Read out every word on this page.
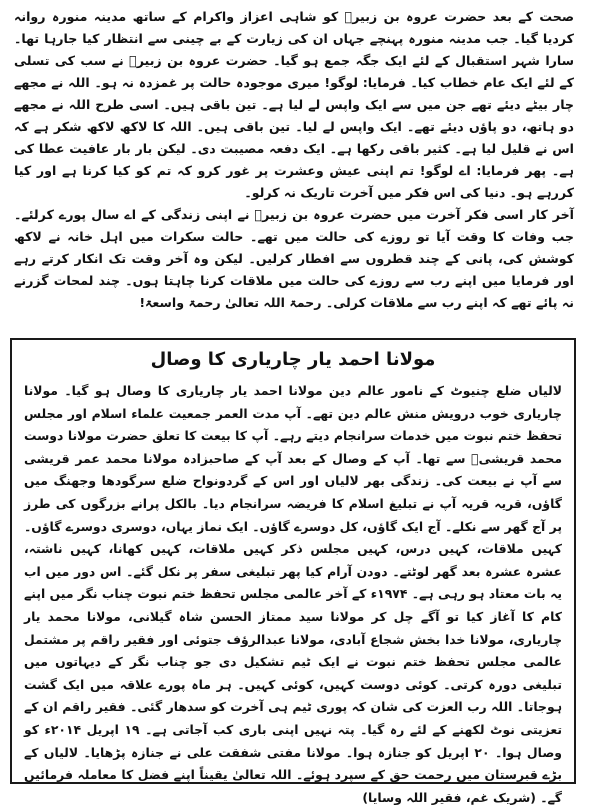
صحت کے بعد حضرت عروہ بن زبیرؓ کو شاہی اعزاز واکرام کے ساتھ مدینہ منورہ روانہ کردیا گیا۔ جب مدینہ منورہ پہنچے جہاں ان کی زیارت کے بے چینی سے انتظار کیا جارہا تھا۔ سارا شہر استقبال کے لئے ایک جگہ جمع ہو گیا۔ حضرت عروہ بن زبیرؓ نے سب کی تسلی کے لئے ایک عام خطاب کیا۔ فرمایا: لوگو! میری موجودہ حالت پر غمزدہ نہ ہو۔ اللہ نے مجھے چار بیٹے دیئے تھے جن میں سے ایک واپس لے لیا ہے۔ تین باقی ہیں۔ اسی طرح اللہ نے مجھے دو ہاتھ، دو پاؤں دیئے تھے۔ ایک واپس لے لیا۔ تین باقی ہیں۔ اللہ کا لاکھ لاکھ شکر ہے کہ اس نے قلیل لیا ہے۔ کثیر باقی رکھا ہے۔ ایک دفعہ مصیبت دی۔ لیکن بار بار عافیت عطا کی ہے۔ پھر فرمایا: اے لوگو! تم اپنی عیش وعشرت پر غور کرو کہ تم کو کیا کرنا ہے اور کیا کررہے ہو۔ دنیا کی اس فکر میں آخرت تاریک نہ کرلو۔

آخر کار اسی فکر آخرت میں حضرت عروہ بن زبیرؓ نے اپنی زندگی کے اے سال پورے کرلئے۔ جب وفات کا وقت آیا تو روزے کی حالت میں تھے۔ حالت سکرات میں اہل خانہ نے لاکھ کوشش کی، پانی کے چند قطروں سے افطار کرلیں۔ لیکن وہ آخر وقت تک انکار کرتے رہے اور فرمایا میں اپنے رب سے روزے کی حالت میں ملاقات کرنا چاہتا ہوں۔ چند لمحات گزرنے نہ پائے تھے کہ اپنے رب سے ملاقات کرلی۔ رحمۃ اللہ تعالیٰ رحمۃ واسعۃ!

مولانا احمد یار چاریاری کا وصال

لالیاں ضلع چنیوٹ کے نامور عالم دین مولانا احمد یار چاریاری کا وصال ہو گیا۔ مولانا چاریاری خوب درویش منش عالم دین تھے۔ آپ مدت العمر جمعیت علماء اسلام اور مجلس تحفظ ختم نبوت میں خدمات سرانجام دیتے رہے۔ آپ کا بیعت کا تعلق حضرت مولانا دوست محمد قریشیؒ سے تھا۔ آپ کے وصال کے بعد آپ کے صاحبزادہ مولانا محمد عمر قریشی سے آپ نے بیعت کی۔ زندگی بھر لالیاں اور اس کے گردونواح ضلع سرگودھا وجھنگ میں گاؤں، قریہ قریہ آپ نے تبلیغ اسلام کا فریضہ سرانجام دیا۔ بالکل پرانے بزرگوں کی طرز پر آج گھر سے نکلے۔ آج ایک گاؤں، کل دوسرے گاؤں۔ ایک نماز یہاں، دوسری دوسرے گاؤں۔ کہیں ملاقات، کہیں درس، کہیں مجلس ذکر کہیں ملاقات، کہیں کھانا، کہیں ناشتہ، عشرہ عشرہ بعد گھر لوٹتے۔ دودن آرام کیا پھر تبلیغی سفر پر نکل گئے۔ اس دور میں اب یہ بات معتاد ہو رہی ہے۔ ۱۹۷۴ء کے آخر عالمی مجلس تحفظ ختم نبوت چناب نگر میں اپنے کام کا آغاز کیا تو آگے چل کر مولانا سید ممتاز الحسن شاہ گیلانی، مولانا محمد یار چاریاری، مولانا خدا بخش شجاع آبادی، مولانا عبدالرؤف جتوئی اور فقیر راقم پر مشتمل عالمی مجلس تحفظ ختم نبوت نے ایک ٹیم تشکیل دی جو چناب نگر کے دیہاتوں میں تبلیغی دورہ کرتی۔ کوئی دوست کہیں، کوئی کہیں۔ ہر ماہ پورے علاقہ میں ایک گشت ہوجاتا۔ اللہ رب العزت کی شان کہ پوری ٹیم ہی آخرت کو سدھار گئی۔ فقیر راقم ان کے تعزیتی نوٹ لکھنے کے لئے رہ گیا۔ پتہ نہیں اپنی باری کب آجاتی ہے۔ ۱۹ اپریل ۲۰۱۴ء کو وصال ہوا۔ ۲۰ اپریل کو جنازہ ہوا۔ مولانا مفتی شفقت علی نے جنازہ پڑھایا۔ لالیاں کے بڑے قبرستان میں رحمت حق کے سپرد ہوئے۔ اللہ تعالیٰ یقیناً اپنے فضل کا معاملہ فرمائیں گے۔ (شریک غم، فقیر اللہ وسایا)
